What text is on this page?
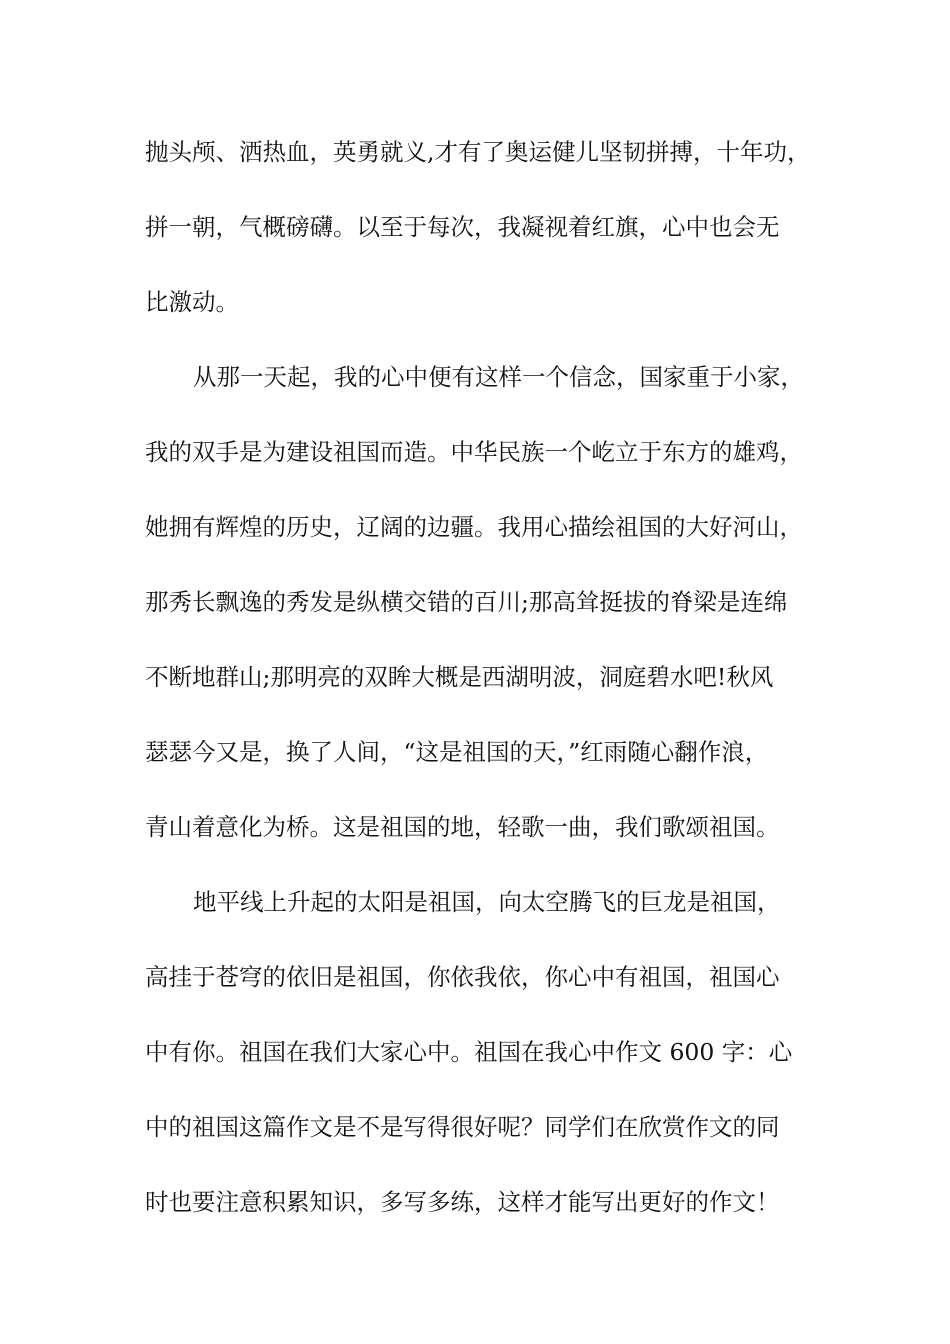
抛头颅、洒热血，英勇就义,才有了奥运健儿坚韧拼搏，十年功，
拼一朝，气概磅礴。以至于每次，我凝视着红旗，心中也会无
比激动。
从那一天起，我的心中便有这样一个信念，国家重于小家，
我的双手是为建设祖国而造。中华民族一个屹立于东方的雄鸡，
她拥有辉煌的历史，辽阔的边疆。我用心描绘祖国的大好河山，
那秀长飘逸的秀发是纵横交错的百川;那高耸挺拔的脊梁是连绵
不断地群山;那明亮的双眸大概是西湖明波，洞庭碧水吧!秋风
瑟瑟今又是，换了人间，“这是祖国的天，”红雨随心翻作浪，
青山着意化为桥。这是祖国的地，轻歌一曲，我们歌颂祖国。
地平线上升起的太阳是祖国，向太空腾飞的巨龙是祖国，
高挂于苍穹的依旧是祖国，你依我依，你心中有祖国，祖国心
中有你。祖国在我们大家心中。祖国在我心中作文 600 字：心
中的祖国这篇作文是不是写得很好呢？同学们在欣赏作文的同
时也要注意积累知识，多写多练，这样才能写出更好的作文！
